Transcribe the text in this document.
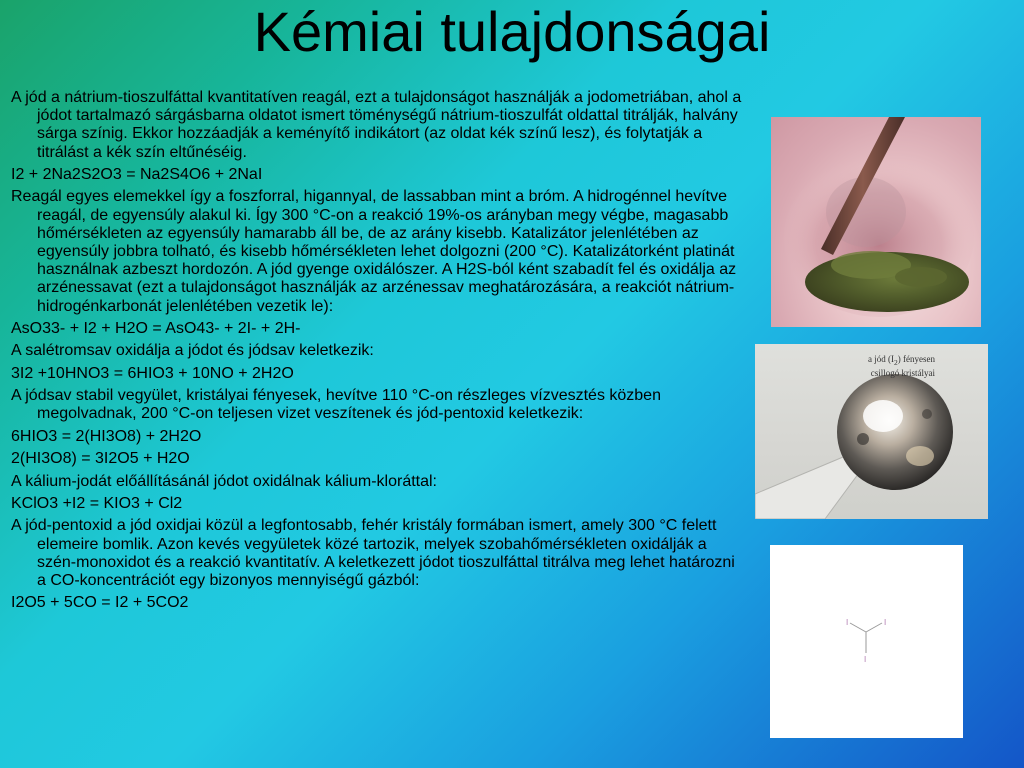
Kémiai tulajdonságai

A jód a nátrium-tioszulfáttal kvantitatíven reagál, ezt a tulajdonságot használják a jodometriában, ahol a jódot tartalmazó sárgásbarna oldatot ismert töménységű nátrium-tioszulfát oldattal titrálják, halvány sárga színig. Ekkor hozzáadják a keményítő indikátort (az oldat kék színű lesz), és folytatják a titrálást a kék szín eltűnéséig.

I2 + 2Na2S2O3 = Na2S4O6 + 2NaI

Reagál egyes elemekkel így a foszforral, higannyal, de lassabban mint a bróm. A hidrogénnel hevítve reagál, de egyensúly alakul ki. Így 300 °C-on a reakció 19%-os arányban megy végbe, magasabb hőmérsékleten az egyensúly hamarabb áll be, de az arány kisebb. Katalizátor jelenlétében az egyensúly jobbra tolható, és kisebb hőmérsékleten lehet dolgozni (200 °C). Katalizátorként platinát használnak azbeszt hordozón. A jód gyenge oxidálószer. A H2S-ból ként szabadít fel és oxidálja az arzénessavat (ezt a tulajdonságot használják az arzénessav meghatározására, a reakciót nátrium-hidrogénkarbonát jelenlétében vezetik le):

AsO33- + I2 + H2O = AsO43- + 2I- + 2H-

A salétromsav oxidálja a jódot és jódsav keletkezik:

3I2 +10HNO3 = 6HIO3 + 10NO + 2H2O

A jódsav stabil vegyület, kristályai fényesek, hevítve 110 °C-on részleges vízvesztés közben megolvadnak, 200 °C-on teljesen vizet veszítenek és jód-pentoxid keletkezik:

6HIO3 = 2(HI3O8) + 2H2O

2(HI3O8) = 3I2O5 + H2O

A kálium-jodát előállításánál jódot oxidálnak kálium-kloráttal:

KClO3 +I2 = KIO3 + Cl2

A jód-pentoxid a jód oxidjai közül a legfontosabb, fehér kristály formában ismert, amely 300 °C felett elemeire bomlik. Azon kevés vegyületek közé tartozik, melyek szobahőmérsékleten oxidálják a szén-monoxidot és a reakció kvantitatív. A keletkezett jódot tioszulfáttal titrálva meg lehet határozni a CO-koncentrációt egy bizonyos mennyiségű gázból:

I2O5 + 5CO = I2 + 5CO2

a jód $(I_2)$ fényesen
csillogó kristályai
I	I
I
